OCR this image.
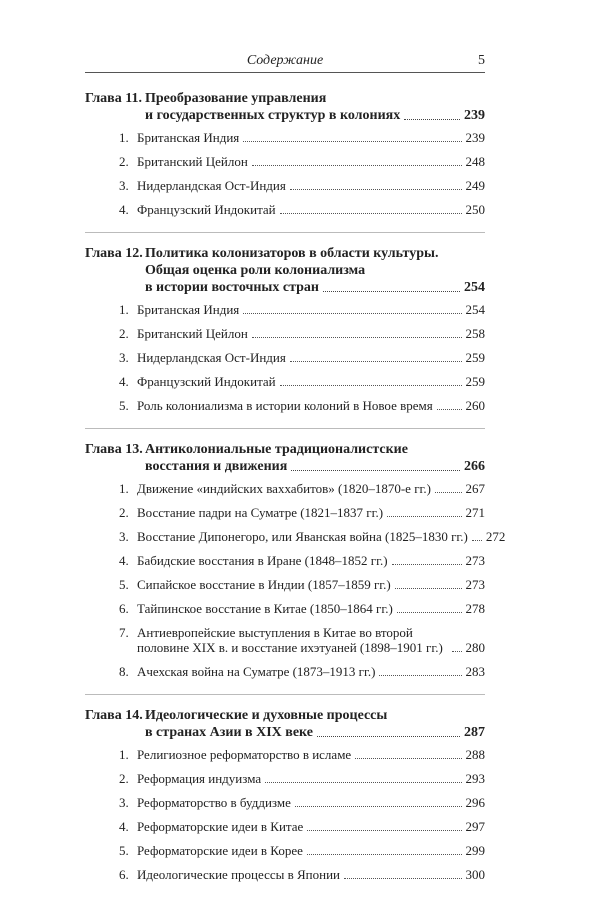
Содержание	5
Глава 11. Преобразование управления
и государственных структур в колониях	239
1. Британская Индия	239
2. Британский Цейлон	248
3. Нидерландская Ост-Индия	249
4. Французский Индокитай	250
Глава 12. Политика колонизаторов в области культуры.
Общая оценка роли колониализма
в истории восточных стран	254
1. Британская Индия	254
2. Британский Цейлон	258
3. Нидерландская Ост-Индия	259
4. Французский Индокитай	259
5. Роль колониализма в истории колоний в Новое время	260
Глава 13. Антиколониальные традиционалистские
восстания и движения	266
1. Движение «индийских ваххабитов» (1820–1870-е гг.)	267
2. Восстание падри на Суматре (1821–1837 гг.)	271
3. Восстание Дипонегоро, или Яванская война (1825–1830 гг.) 272
4. Бабидские восстания в Иране (1848–1852 гг.)	273
5. Сипайское восстание в Индии (1857–1859 гг.)	273
6. Тайпинское восстание в Китае (1850–1864 гг.)	278
7. Антиевропейские выступления в Китае во второй половине XIX в. и восстание ихэтуаней (1898–1901 гг.)	280
8. Ачехская война на Суматре (1873–1913 гг.)	283
Глава 14. Идеологические и духовные процессы
в странах Азии в XIX веке	287
1. Религиозное реформаторство в исламе	288
2. Реформация индуизма	293
3. Реформаторство в буддизме	296
4. Реформаторские идеи в Китае	297
5. Реформаторские идеи в Корее	299
6. Идеологические процессы в Японии	300
